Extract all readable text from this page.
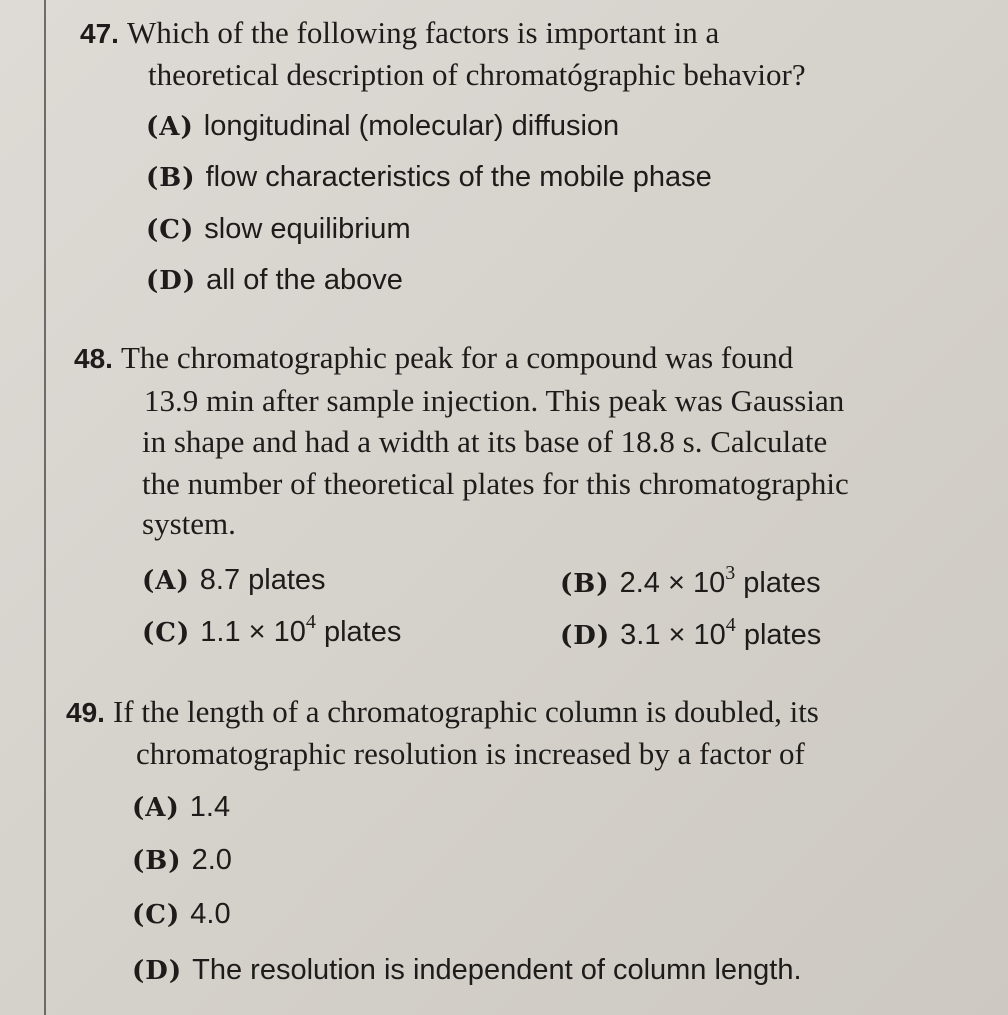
47. Which of the following factors is important in a
theoretical description of chromatógraphic behavior?
(A) longitudinal (molecular) diffusion
(B) flow characteristics of the mobile phase
(C) slow equilibrium
(D) all of the above
48. The chromatographic peak for a compound was found
13.9 min after sample injection. This peak was Gaussian
in shape and had a width at its base of 18.8 s. Calculate
the number of theoretical plates for this chromatographic
system.
(A) 8.7 plates	(B) $2.4 \times 10^3$ plates
(C) $1.1 \times 10^4$ plates	(D) $3.1 \times 10^4$ plates
49. If the length of a chromatographic column is doubled, its
chromatographic resolution is increased by a factor of
(A) 1.4
(B) 2.0
(C) 4.0
(D) The resolution is independent of column length.
